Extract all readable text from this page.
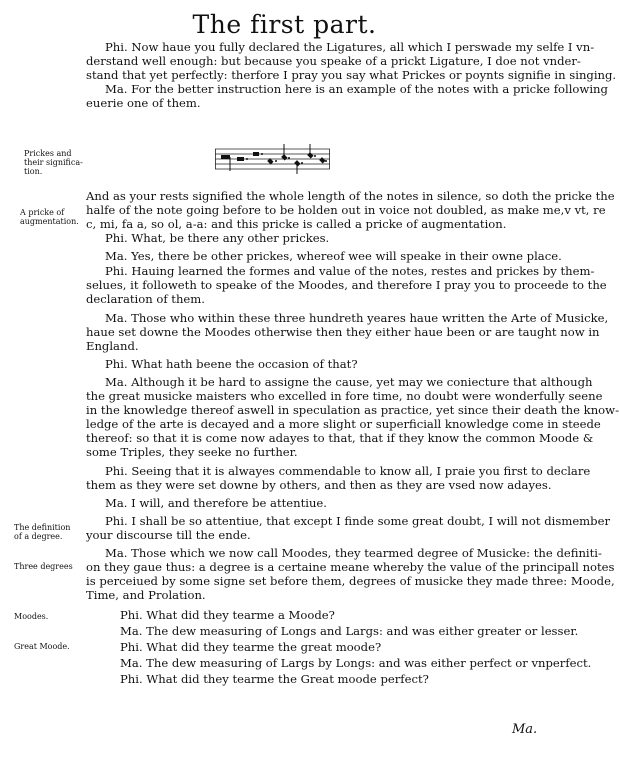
The first part.
Phi. Now haue you fully declared the Ligatures, all which I perswade my selfe I vn-
derstand well enough: but because you speake of a prickt Ligature, I doe not vnder-
stand that yet perfectly: therfore I pray you say what Prickes or poynts signifie in singing.
Ma. For the better instruction here is an example of the notes with a pricke following
euerie one of them.
And as your rests signified the whole length of the notes in silence, so doth the pricke the
halfe of the note going before to be holden out in voice not doubled, as make me,v vt, re
c, mi, fa a, so ol, a-a: and this pricke is called a pricke of augmentation.
Phi. What, be there any other prickes.
Ma. Yes, there be other prickes, whereof wee will speake in their owne place.
Phi. Hauing learned the formes and value of the notes, restes and prickes by them-
selues, it followeth to speake of the Moodes, and therefore I pray you to proceede to the
declaration of them.
Ma. Those who within these three hundreth yeares haue written the Arte of Musicke,
haue set downe the Moodes otherwise then they either haue been or are taught now in
England.
Phi. What hath beene the occasion of that?
Ma. Although it be hard to assigne the cause, yet may we coniecture that although
the great musicke maisters who excelled in fore time, no doubt were wonderfully seene
in the knowledge thereof aswell in speculation as practice, yet since their death the know-
ledge of the arte is decayed and a more slight or superficiall knowledge come in steede
thereof: so that it is come now adayes to that, that if they know the common Moode &
some Triples, they seeke no further.
Phi. Seeing that it is alwayes commendable to know all, I praie you first to declare
them as they were set downe by others, and then as they are vsed now adayes.
Ma. I will, and therefore be attentiue.
Phi. I shall be so attentiue, that except I finde some great doubt, I will not dismember
your discourse till the ende.
Ma. Those which we now call Moodes, they tearmed degree of Musicke: the definiti-
on they gaue thus: a degree is a certaine meane whereby the value of the principall notes
is perceiued by some signe set before them, degrees of musicke they made three: Moode,
Time, and Prolation.
Phi. What did they tearme a Moode?
Ma. The dew measuring of Longs and Largs: and was either greater or lesser.
Phi. What did they tearme the great moode?
Ma. The dew measuring of Largs by Longs: and was either perfect or vnperfect.
Phi. What did they tearme the Great moode perfect?
Prickes and
their significa-
tion.
A pricke of
augmentation.
The definition
of a degree.
Three degrees
Moodes.
Great Moode.
Ma.
